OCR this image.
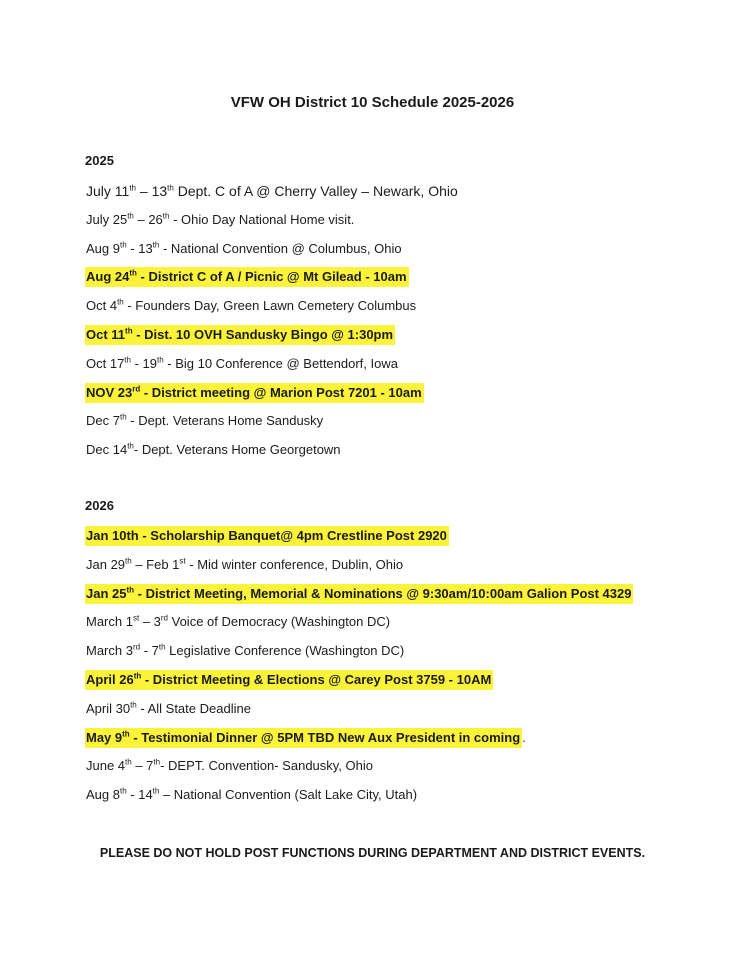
VFW OH District 10 Schedule 2025-2026
2025
July 11th – 13th Dept. C of A @ Cherry Valley – Newark, Ohio
July 25th – 26th - Ohio Day National Home visit.
Aug 9th - 13th - National Convention @ Columbus, Ohio
Aug 24th - District C of A / Picnic @ Mt Gilead - 10am
Oct 4th - Founders Day, Green Lawn Cemetery Columbus
Oct 11th - Dist. 10 OVH Sandusky Bingo @ 1:30pm
Oct 17th - 19th - Big 10 Conference @ Bettendorf, Iowa
NOV 23rd - District meeting @ Marion Post 7201 - 10am
Dec 7th - Dept. Veterans Home Sandusky
Dec 14th- Dept. Veterans Home Georgetown
2026
Jan 10th - Scholarship Banquet@ 4pm Crestline Post 2920
Jan 29th – Feb 1st - Mid winter conference, Dublin, Ohio
Jan 25th - District Meeting, Memorial & Nominations @ 9:30am/10:00am Galion Post 4329
March 1st – 3rd Voice of Democracy (Washington DC)
March 3rd - 7th Legislative Conference (Washington DC)
April 26th - District Meeting & Elections @ Carey Post 3759 - 10AM
April 30th - All State Deadline
May 9th - Testimonial Dinner @ 5PM TBD New Aux President in coming .
June 4th – 7th- DEPT. Convention- Sandusky, Ohio
Aug 8th - 14th – National Convention (Salt Lake City, Utah)
PLEASE DO NOT HOLD POST FUNCTIONS DURING DEPARTMENT AND DISTRICT EVENTS.
